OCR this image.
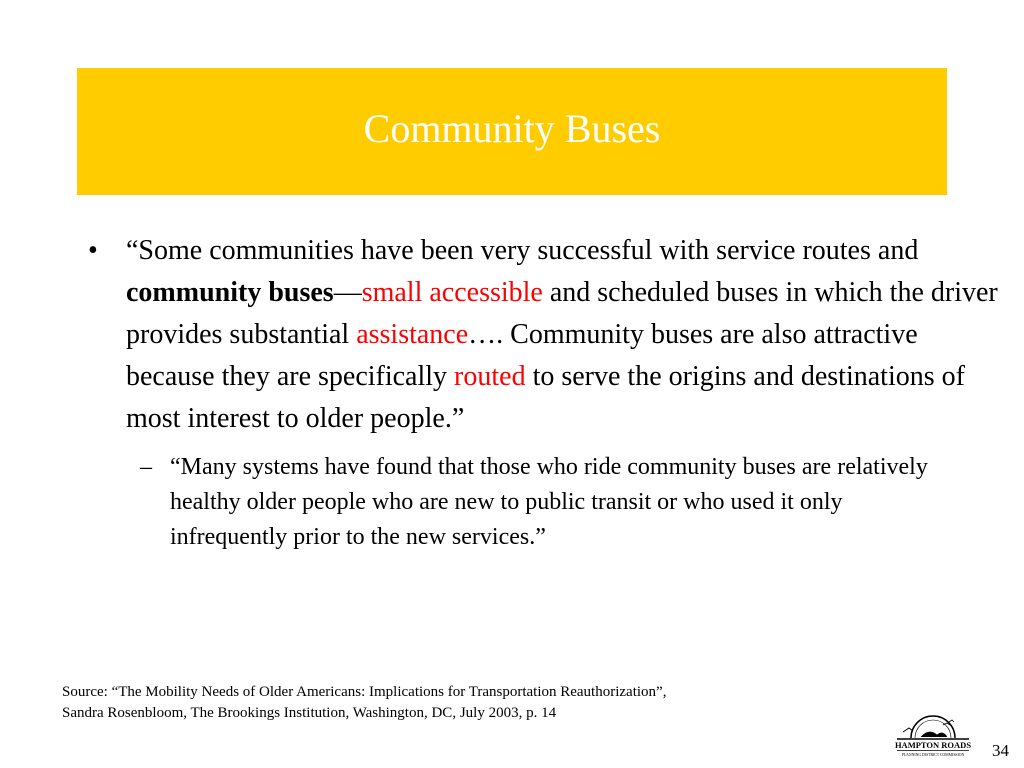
Community Buses
• “Some communities have been very successful with service routes and community buses—small accessible and scheduled buses in which the driver provides substantial assistance…. Community buses are also attractive because they are specifically routed to serve the origins and destinations of most interest to older people.”
– “Many systems have found that those who ride community buses are relatively healthy older people who are new to public transit or who used it only infrequently prior to the new services.”
Source: “The Mobility Needs of Older Americans: Implications for Transportation Reauthorization”,
Sandra Rosenbloom, The Brookings Institution, Washington, DC, July 2003, p. 14
HAMPTON ROADS
PLANNING DISTRICT COMMISSION 34
